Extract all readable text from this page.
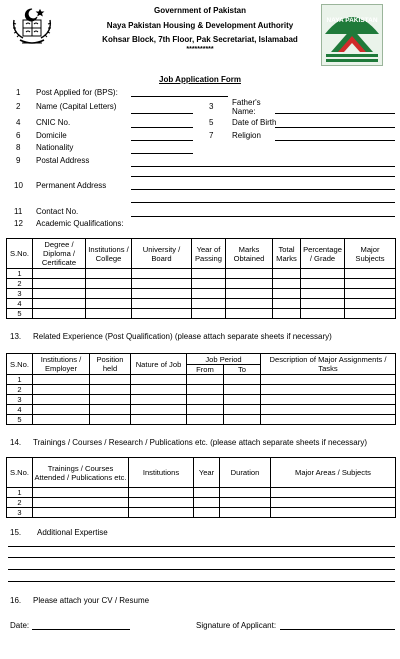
Government of Pakistan
Naya Pakistan Housing & Development Authority
Kohsar Block, 7th Floor, Pak Secretariat, Islamabad
**********
NAYA PAKISTAN
Job Application Form
1 Post Applied for (BPS):
2 Name (Capital Letters)	3 Father's Name:
4 CNIC No.	5 Date of Birth
6 Domicile	7 Religion
8 Nationality
9 Postal Address
10 Permanent Address
11 Contact No.
12 Academic Qualifications:
S.No.	Degree / Diploma / Certificate	Institutions / College	University / Board	Year of Passing	Marks Obtained	Total Marks	Percentage / Grade	Major Subjects
1								
2								
3								
4								
5								
13. Related Experience (Post Qualification) (please attach separate sheets if necessary)
S.No.	Institutions / Employer	Position held	Nature of Job	Job Period		Description of Major Assignments / Tasks
				From	To	
1						
2						
3						
4						
5						
14. Trainings / Courses / Research / Publications etc. (please attach separate sheets if necessary)
S.No.	Trainings / Courses Attended / Publications etc.	Institutions	Year	Duration	Major Areas / Subjects
1					
2					
3					
15. Additional Expertise
16. Please attach your CV / Resume
Date:	Signature of Applicant:
